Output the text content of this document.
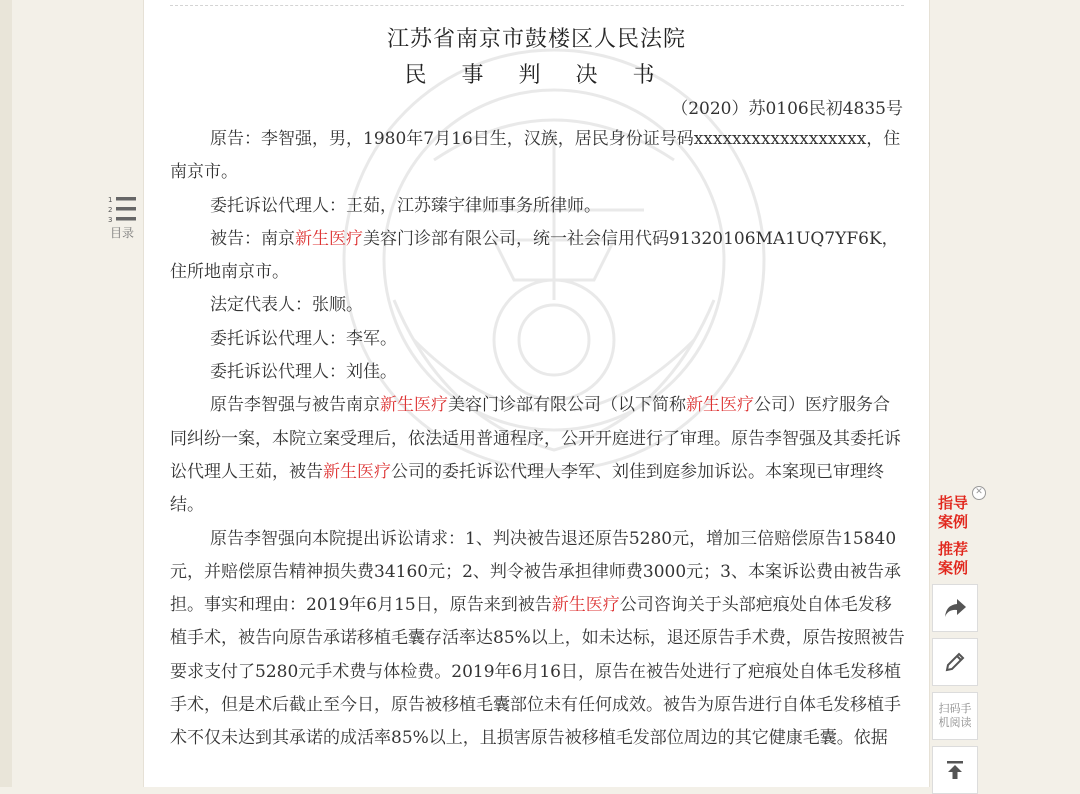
江苏省南京市鼓楼区人民法院
民 事 判 决 书
（2020）苏0106民初4835号

原告：李智强，男，1980年7月16日生，汉族，居民身份证号码xxxxxxxxxxxxxxxxxx，住南京市。

委托诉讼代理人：王茹，江苏臻宇律师事务所律师。

被告：南京新生医疗美容门诊部有限公司，统一社会信用代码91320106MA1UQ7YF6K，住所地南京市。

法定代表人：张顺。

委托诉讼代理人：李军。

委托诉讼代理人：刘佳。

原告李智强与被告南京新生医疗美容门诊部有限公司（以下简称新生医疗公司）医疗服务合同纠纷一案，本院立案受理后，依法适用普通程序，公开开庭进行了审理。原告李智强及其委托诉讼代理人王茹，被告新生医疗公司的委托诉讼代理人李军、刘佳到庭参加诉讼。本案现已审理终结。

原告李智强向本院提出诉讼请求：1、判决被告退还原告5280元，增加三倍赔偿原告15840元，并赔偿原告精神损失费34160元；2、判令被告承担律师费3000元；3、本案诉讼费由被告承担。事实和理由：2019年6月15日，原告来到被告新生医疗公司咨询关于头部疤痕处自体毛发移植手术，被告向原告承诺移植毛囊存活率达85%以上，如未达标，退还原告手术费，原告按照被告要求支付了5280元手术费与体检费。2019年6月16日，原告在被告处进行了疤痕处自体毛发移植手术，但是术后截止至今日，原告被移植毛囊部位未有任何成效。被告为原告进行自体毛发移植手术不仅未达到其承诺的成活率85%以上，且损害原告被移植毛发部位周边的其它健康毛囊。依据

1
2
3
目录
✕
指导案例
推荐案例
扫码手机阅读
